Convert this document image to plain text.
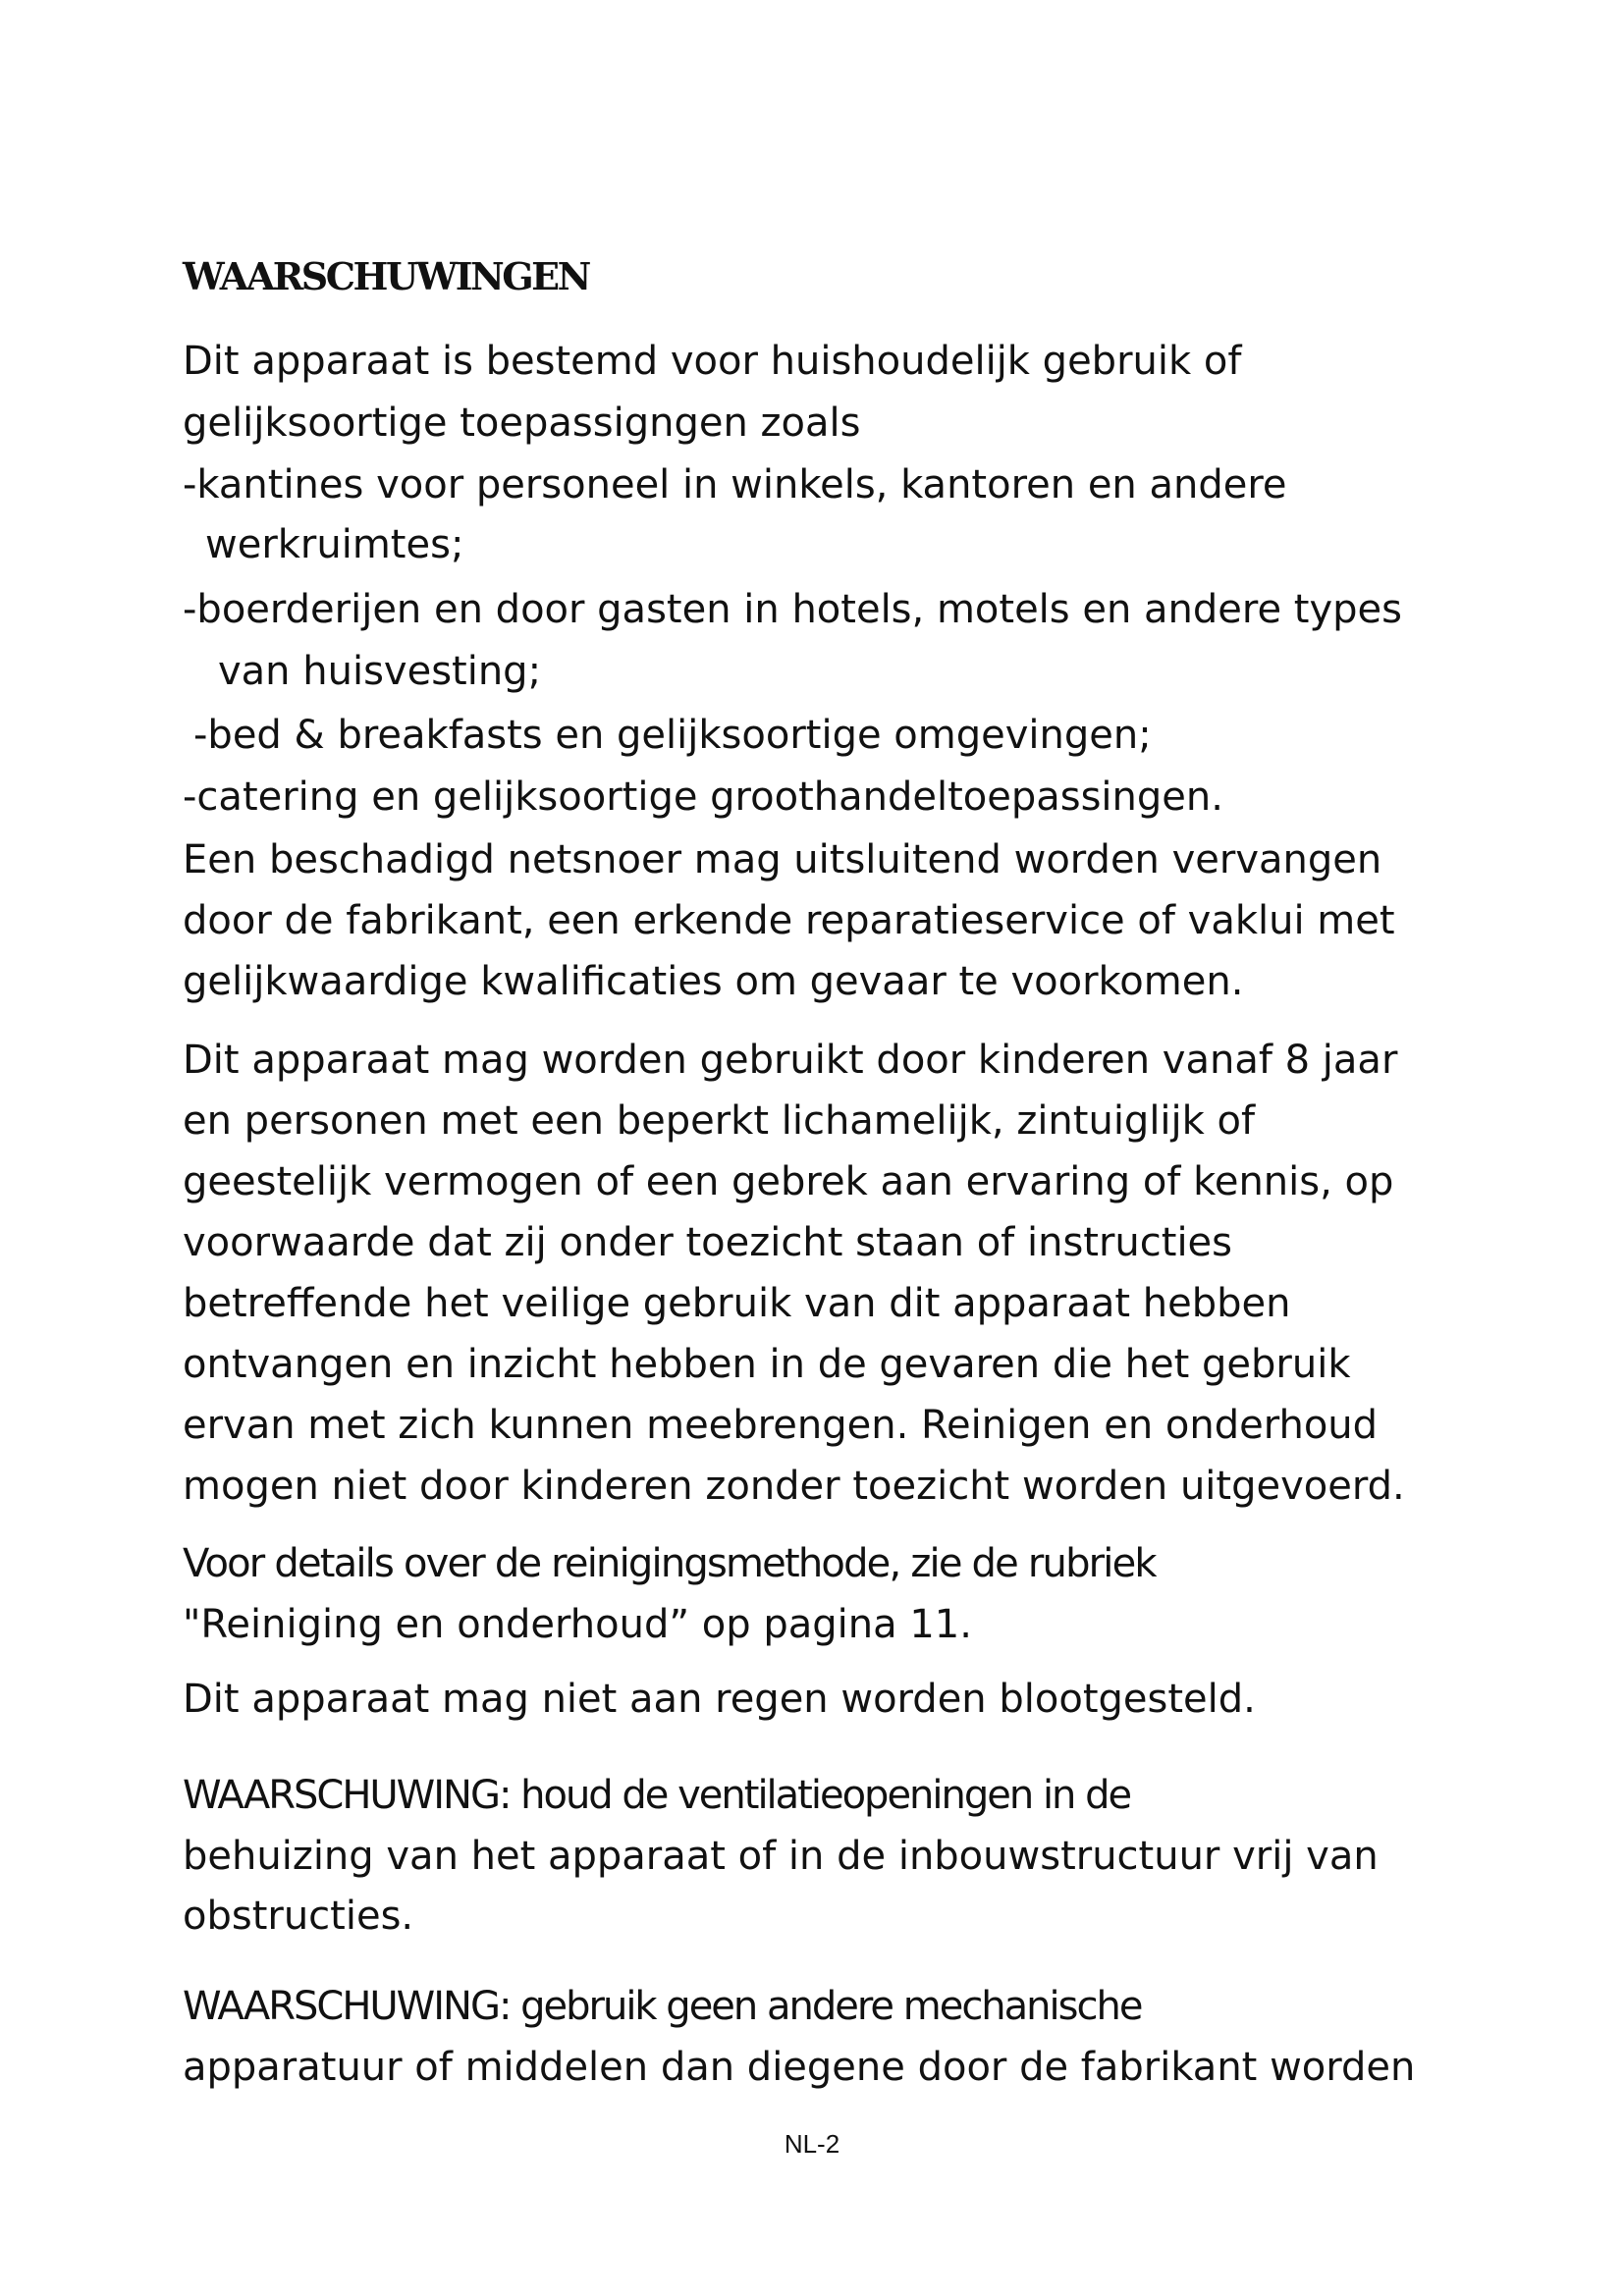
WAARSCHUWINGEN
Dit apparaat is bestemd voor huishoudelijk gebruik of
gelijksoortige toepassigngen zoals
-kantines voor personeel in winkels, kantoren en andere
werkruimtes;
-boerderijen en door gasten in hotels, motels en andere types
van huisvesting;
-bed & breakfasts en gelijksoortige omgevingen;
-catering en gelijksoortige groothandeltoepassingen.
Een beschadigd netsnoer mag uitsluitend worden vervangen
door de fabrikant, een erkende reparatieservice of vaklui met
gelijkwaardige kwalificaties om gevaar te voorkomen.
Dit apparaat mag worden gebruikt door kinderen vanaf 8 jaar
en personen met een beperkt lichamelijk, zintuiglijk of
geestelijk vermogen of een gebrek aan ervaring of kennis, op
voorwaarde dat zij onder toezicht staan of instructies
betreffende het veilige gebruik van dit apparaat hebben
ontvangen en inzicht hebben in de gevaren die het gebruik
ervan met zich kunnen meebrengen. Reinigen en onderhoud
mogen niet door kinderen zonder toezicht worden uitgevoerd.
Voor details over de reinigingsmethode, zie de rubriek
"Reiniging en onderhoud” op pagina 11.
Dit apparaat mag niet aan regen worden blootgesteld.
WAARSCHUWING: houd de ventilatieopeningen in de
behuizing van het apparaat of in de inbouwstructuur vrij van
obstructies.
WAARSCHUWING: gebruik geen andere mechanische
apparatuur of middelen dan diegene door de fabrikant worden
NL-2
